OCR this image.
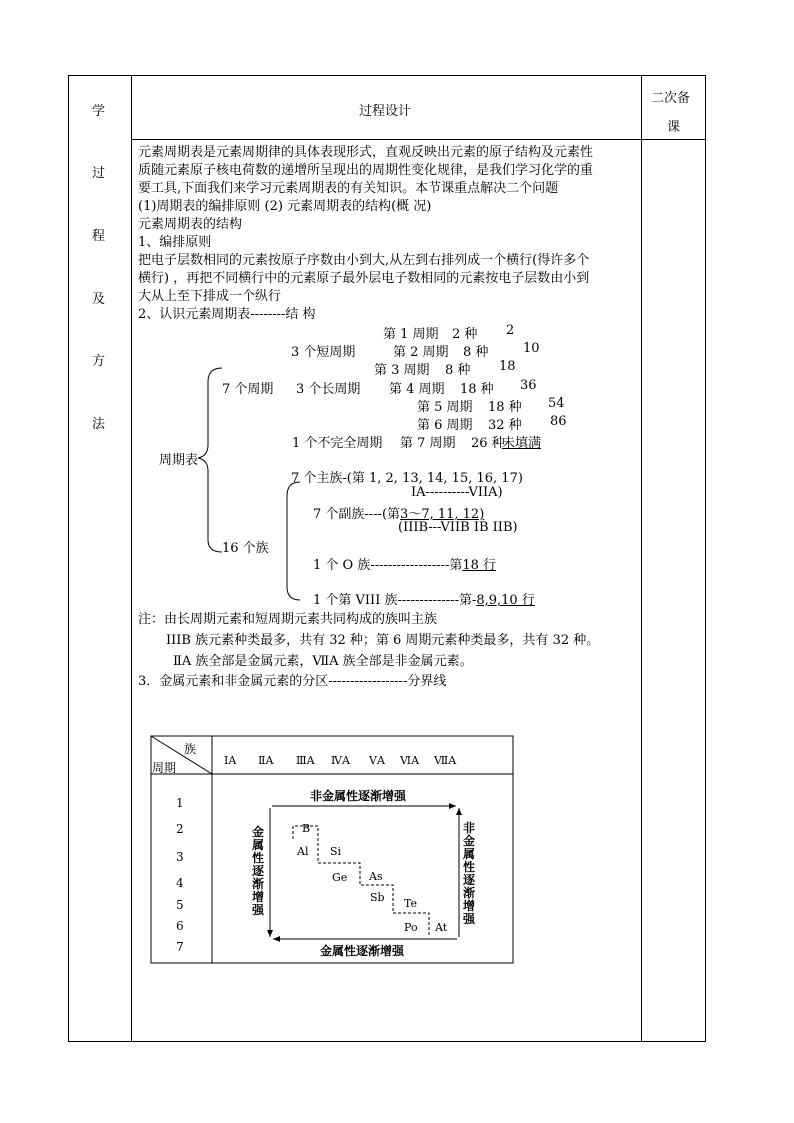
学
过
程
及
方
法
过程设计
二次备
课
元素周期表是元素周期律的具体表现形式，直观反映出元素的原子结构及元素性
质随元素原子核电荷数的递增所呈现出的周期性变化规律，是我们学习化学的重
要工具,下面我们来学习元素周期表的有关知识。本节课重点解决二个问题
(1)周期表的编排原则 (2) 元素周期表的结构(概 况)
元素周期表的结构
1、编排原则
把电子层数相同的元素按原子序数由小到大,从左到右排列成一个横行(得许多个
横行) ，再把不同横行中的元素原子最外层电子数相同的元素按电子层数由小到
大从上至下排成一个纵行
2、认识元素周期表--------结 构
周期表
7 个周期
3 个短周期
3 个长周期
1 个不完全周期
第 1 周期 2 种 2
第 2 周期 8 种	10
第 3 周期 8 种 18
第 4 周期 18 种 36
第 5 周期 18 种 54
第 6 周期 32 种 86
第 7 周期 26 种
未填满
16 个族
7 个主族-(第 1, 2, 13, 14, 15, 16, 17)
IA----------VIIA)
7 个副族----(第3～7, 11, 12)
(IIIB---VIIB IB IIB)
1 个 O 族------------------第18 行
1 个第 VIII 族--------------第-8,9,10 行
注：由长周期元素和短周期元素共同构成的族叫主族
IIIB 族元素种类最多，共有 32 种；第 6 周期元素种类最多，共有 32 种。
ⅡA 族全部是金属元素，ⅦA 族全部是非金属元素。
3．金属元素和非金属元素的分区------------------分界线
族
周期
ⅠA ⅡA ⅢA ⅣA ⅤA ⅥA ⅦA
1
2
3
4
5
6
7
非金属性逐渐增强
金属性逐渐增强
金属性逐渐增强
非金属性逐渐增强
B
Al Si
Ge As
Sb Te
Po At
